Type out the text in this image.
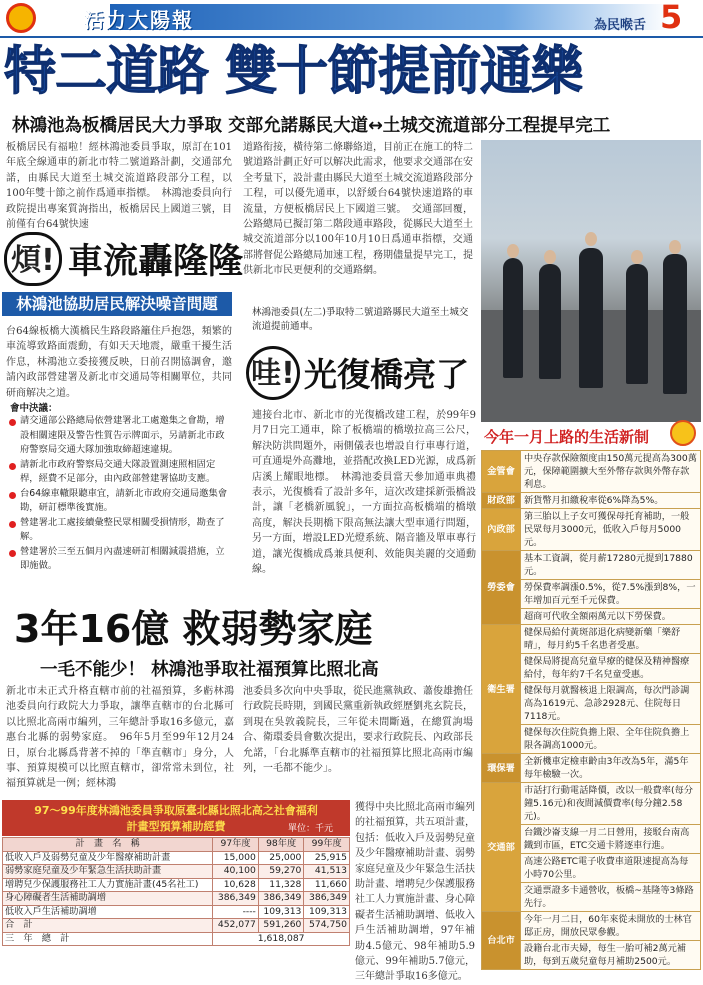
活力大陽報	為民喉舌 5
特二道路 雙十節提前通樂
林鴻池為板橋居民大力爭取 交部允諾縣民大道↔土城交流道部分工程提早完工
板橋居民有福啦！經林鴻池委員爭取，原訂在101年底全線通車的新北市特二號道路計劃，交通部允諾，由縣民大道至土城交流道路段部分工程，以100年雙十節之前作爲通車指標。　林鴻池委員向行政院提出專案質詢指出，板橋居民上國道三號，目前僅有台64號快速
道路衔接，橫待第二條聯絡道，目前正在施工的特二號道路計劃正好可以解决此需求，他要求交通部在安全考量下，設計畫由縣民大道至土城交流道路段部分工程，可以優先通車，以舒緩台64號快速道路的車流量，方便板橋居民上下國道三號。　交通部回覆，公路總局已擬訂第二階段通車路段，從縣民大道至土城交流道部分以100年10月10日爲通車指標，交通部將督促公路總局加速工程，務期儘量提早完工，提供新北市民更便利的交通路網。
林鴻池委員(左二)爭取特二號道路縣民大道至土城交流道提前通車。
煩! 車流轟隆隆
林鴻池協助居民解決噪音問題
台64線板橋大漢橋民生路段路籬住戶抱怨，頻繁的車流導致路面震動，有如天天地震，嚴重干擾生活作息，林鴻池立委接獲反映，日前召開協調會，邀請內政部營建署及新北市交通局等相關單位，共同研商解决之道。
會中決議：
請交通部公路總局依營建署北工處邀集之會勘，增設相關速限及警告性質告示牌面示，另請新北市政府警察局交通大隊加強取締超速違規。
請新北市政府警察局交通大隊設置測速照相固定桿，經費不足部分，由內政部營建署協助支應。
台64線車轍限聽車宜，請新北市政府交通局邀集會勘，研訂標準後實施。
營建署北工處接續彙整民眾相關受損情形，勘查了解。
營建署於三至五個月內盡速研訂相關減震措施，立即施做。
哇! 光復橋亮了
連接台北市、新北市的光復橋改建工程，於99年9月7日完工通車，除了板橋端的橋墩拉高三公尺，解決防洪問題外，兩側儀表也增設自行車專行道，可直通堤外高灘地，並搭配改換LED光源，成爲新店溪上耀眼地標。　林鴻池委員當天參加通車典禮表示，光復橋看了設計多年，這次改建採新張橋設計，讓「老橋新風貌」，一方面拉高板橋端的橋墩高度，解決長期橋下限高無法讓大型車通行問題，另一方面，增設LED光燈系統、隔音牆及單車專行道，讓光復橋成爲兼具便利、效能與美麗的交通動線。
3年16億 救弱勢家庭
一毛不能少！ 林鴻池爭取社福預算比照北高
新北市未正式升格直轄市前的社福預算，多虧林鴻池委員向行政院大力爭取，讓準直轄市的台北縣可以比照北高兩市編列，三年總計爭取16多億元，嘉惠台北縣的弱勢家庭。　96年5月至99年12月24日，原台北縣爲背著不掉的「準直轄市」身分，人事、預算規模可以比照直轄市，卻常常未到位，社福預算就是一例；經林鴻
池委員多次向中央爭取，從民進黨執政、蕭俊雄擔任行政院長時期，到國民黨重新執政經歷劉兆玄院長，到現在吳敦義院長，三年從未間斷過，在總質詢場合、衛環委員會數次提出，要求行政院長、內政部長允諾，「台北縣準直轄市的社福預算比照北高兩市編列，一毛都不能少」。
獲得中央比照北高兩市編列的社福預算，共五項計畫，包括：低收入戶及弱勢兒童及少年醫療補助計畫、弱勢家庭兒童及少年緊急生活扶助計畫、增聘兒少保護服務社工人力實施計畫、身心障礙者生活補助調增、低收入戶生活補助調增，97年補助4.5億元、98年補助5.9億元、99年補助5.7億元，三年總計爭取16多億元。
97～99年度林鴻池委員爭取原臺北縣比照北高之社會福利
計畫型預算補助經費	單位：千元
計　畫　名　稱	97年度	98年度	99年度
低收入戶及弱勢兒童及少年醫療補助計畫	15,000	25,000	25,915
弱勢家庭兒童及少年緊急生活扶助計畫	40,100	59,270	41,513
增聘兒少保護服務社工人力實施計畫(45名社工)	10,628	11,328	11,660
身心障礙者生活補助調增	386,349	386,349	386,349
低收入戶生活補助調增	----	109,313	109,313
合　計	452,077	591,260	574,750
三　年　總　計	1,618,087		
今年一月上路的生活新制
金管會	中央存款保險額度由150萬元提高為300萬元，保障範圍擴大至外幣存款與外幣存款利息。
財政部	新貨幣月扣繳稅率從6%降為5%。
內政部	第三胎以上子女可獲保母托育補助，一般民眾每月3000元，低收入戶每月5000元。
勞委會	基本工資調，從月薪17280元提到17880元。
	勞保費率調漲0.5%，從7.5%漲到8%，一年增加百元至千元保費。
	超商可代收全額兩萬元以下勞保費。
衛生署	健保局給付黃斑部退化病變新藥「樂舒晴」，每月約5千名患者受惠。
	健保局將提高兒童早療的健保及精神醫療給付，每年約7千名兒童受惠。
	健保每月就醫核退上限調高，每次門診調高為1619元、急診2928元、住院每日7118元。
	健保每次住院負擔上限、全年住院負擔上限各調高1000元。
環保署	全新機車定檢車齡由3年改為5年，滿5年每年檢驗一次。
交通部	市話打行動電話降價，改以一般費率(每分鐘5.16元)和夜間減價費率(每分鐘2.58元)。
	台鐵沙崙支線一月二日營用，接駁台南高鐵到市區，ETC交通卡將逐車行進。
	高速公路ETC電子收費車道限速提高為每小時70公里。
	交通票證多卡通營收，板橋~基隆等3條路先行。
台北市	今年一月二日，60年來從未開放的士林官邸正房，開放民眾參觀。
	設籍台北市夫婦，每生一胎可補2萬元補助，每到五歲兒童每月補助2500元。
